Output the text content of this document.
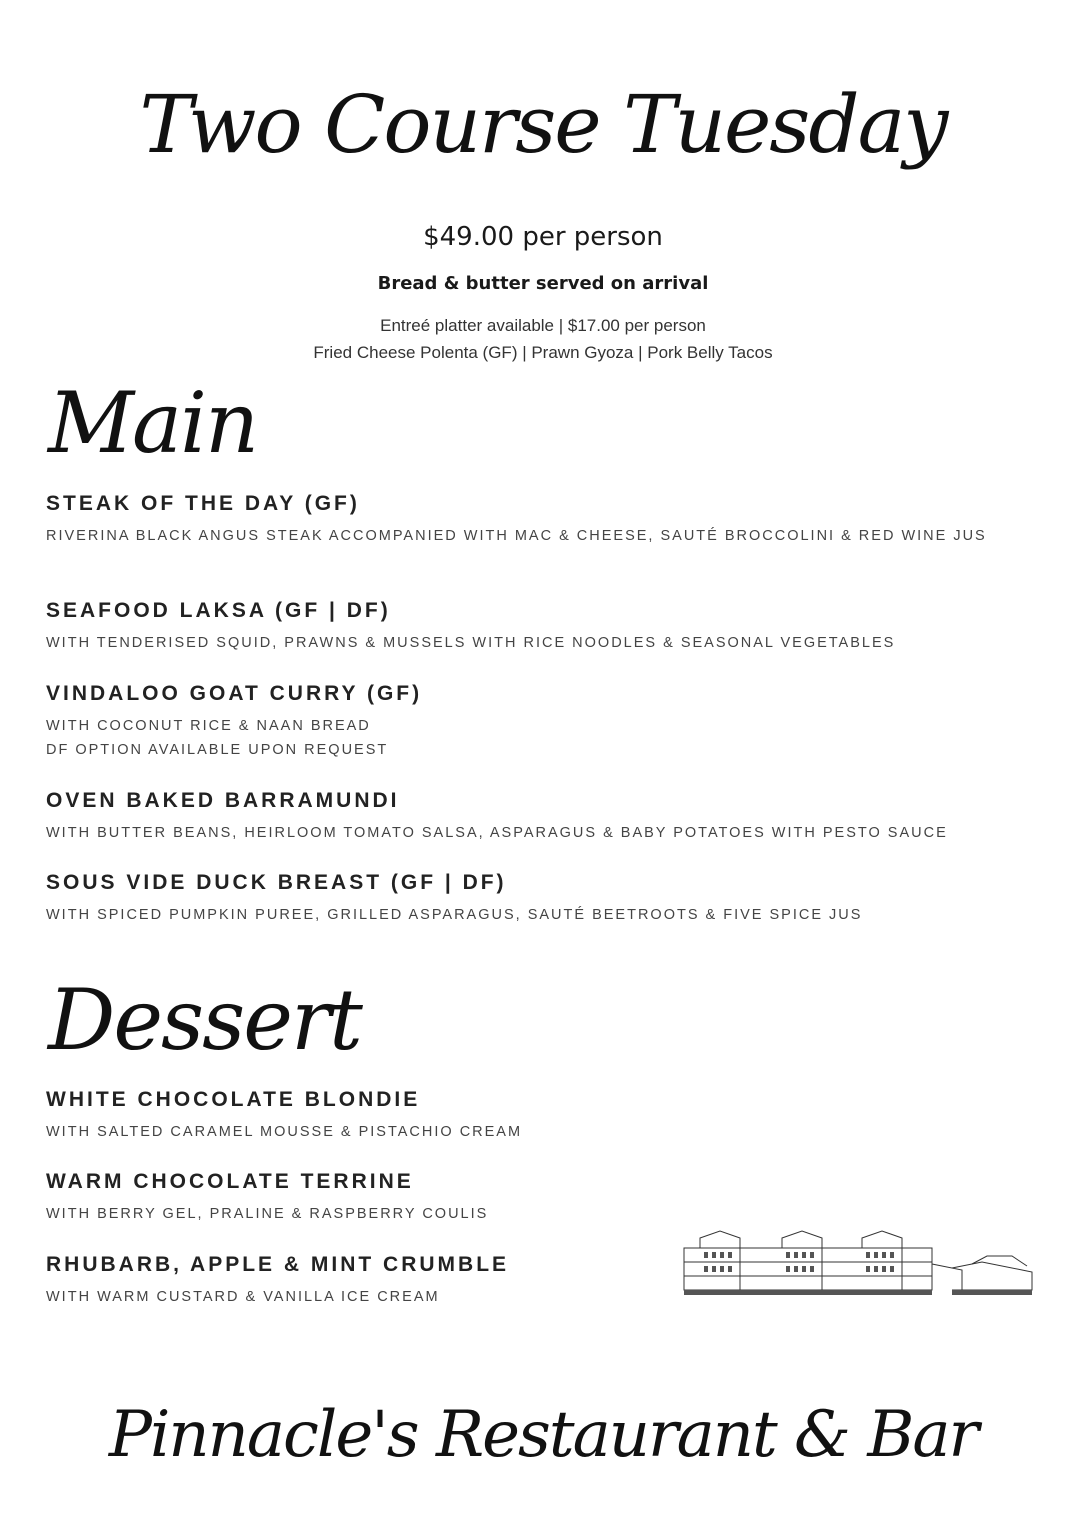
Two Course Tuesday
$49.00 per person
Bread & butter served on arrival
Entreé platter available | $17.00 per person
Fried Cheese Polenta (GF) | Prawn Gyoza | Pork Belly Tacos
Main
STEAK OF THE DAY (GF)

RIVERINA BLACK ANGUS STEAK ACCOMPANIED WITH MAC & CHEESE, SAUTÉ BROCCOLINI & RED WINE JUS

SEAFOOD LAKSA (GF | DF)

WITH TENDERISED SQUID, PRAWNS & MUSSELS WITH RICE NOODLES & SEASONAL VEGETABLES

VINDALOO GOAT CURRY (GF)

WITH COCONUT RICE & NAAN BREAD

DF OPTION AVAILABLE UPON REQUEST

OVEN BAKED BARRAMUNDI

WITH BUTTER BEANS, HEIRLOOM TOMATO SALSA, ASPARAGUS & BABY POTATOES WITH PESTO SAUCE

SOUS VIDE DUCK BREAST (GF | DF)

WITH SPICED PUMPKIN PUREE, GRILLED ASPARAGUS, SAUTÉ BEETROOTS & FIVE SPICE JUS

Dessert
WHITE CHOCOLATE BLONDIE

WITH SALTED CARAMEL MOUSSE & PISTACHIO CREAM

WARM CHOCOLATE TERRINE

WITH BERRY GEL, PRALINE & RASPBERRY COULIS

RHUBARB, APPLE & MINT CRUMBLE

WITH WARM CUSTARD & VANILLA ICE CREAM

Pinnacle's Restaurant & Bar
